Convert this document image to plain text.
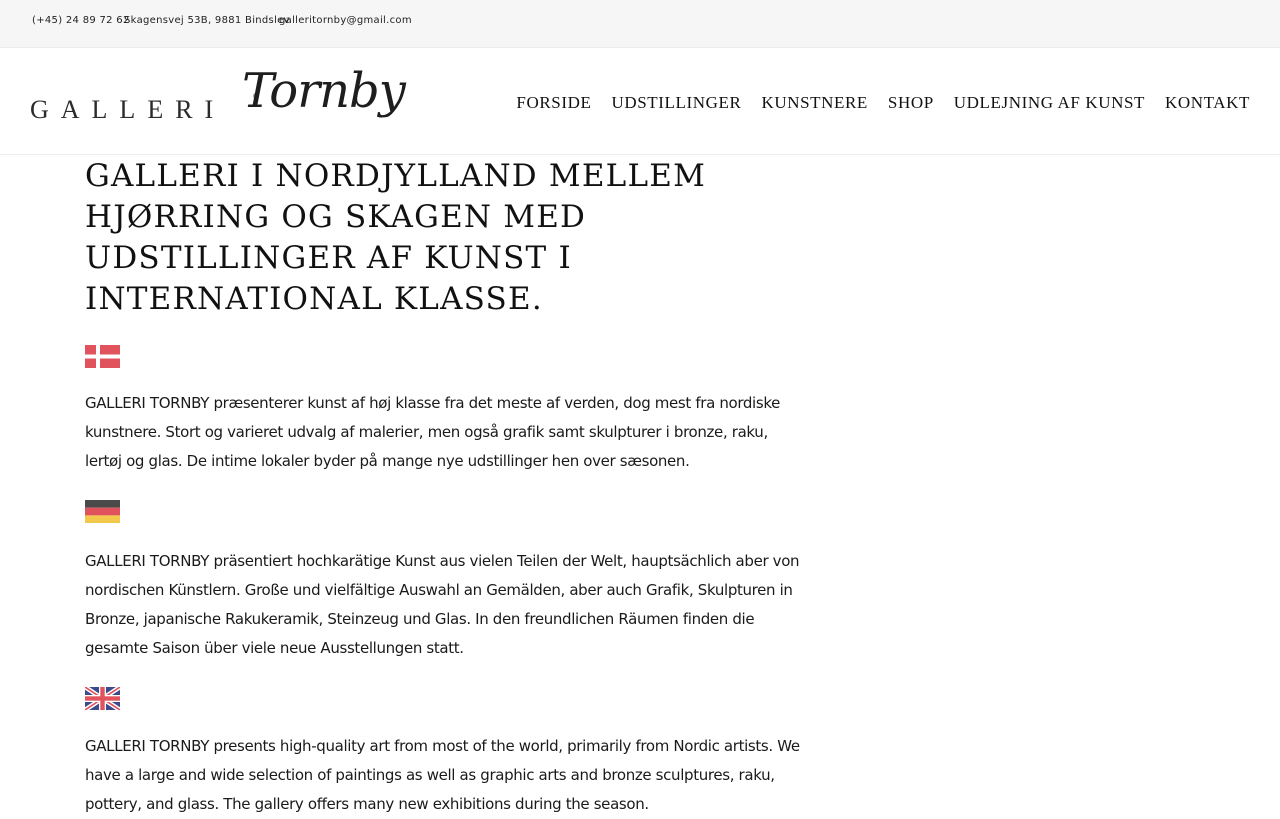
(+45) 24 89 72 62
Skagensvej 53B, 9881 Bindslev
galleritornby@gmail.com
GALLERI Tornby	FORSIDE UDSTILLINGER KUNSTNERE SHOP UDLEJNING AF KUNST KONTAKT
GALLERI I NORDJYLLAND MELLEM HJØRRING OG SKAGEN MED UDSTILLINGER AF KUNST I INTERNATIONAL KLASSE.

GALLERI TORNBY præsenterer kunst af høj klasse fra det meste af verden, dog mest fra nordiske kunstnere. Stort og varieret udvalg af malerier, men også grafik samt skulpturer i bronze, raku, lertøj og glas. De intime lokaler byder på mange nye udstillinger hen over sæsonen.

GALLERI TORNBY präsentiert hochkarätige Kunst aus vielen Teilen der Welt, hauptsächlich aber von nordischen Künstlern. Große und vielfältige Auswahl an Gemälden, aber auch Grafik, Skulpturen in Bronze, japanische Rakukeramik, Steinzeug und Glas. In den freundlichen Räumen finden die gesamte Saison über viele neue Ausstellungen statt.

GALLERI TORNBY presents high-quality art from most of the world, primarily from Nordic artists. We have a large and wide selection of paintings as well as graphic arts and bronze sculptures, raku, pottery, and glass. The gallery offers many new exhibitions during the season.
